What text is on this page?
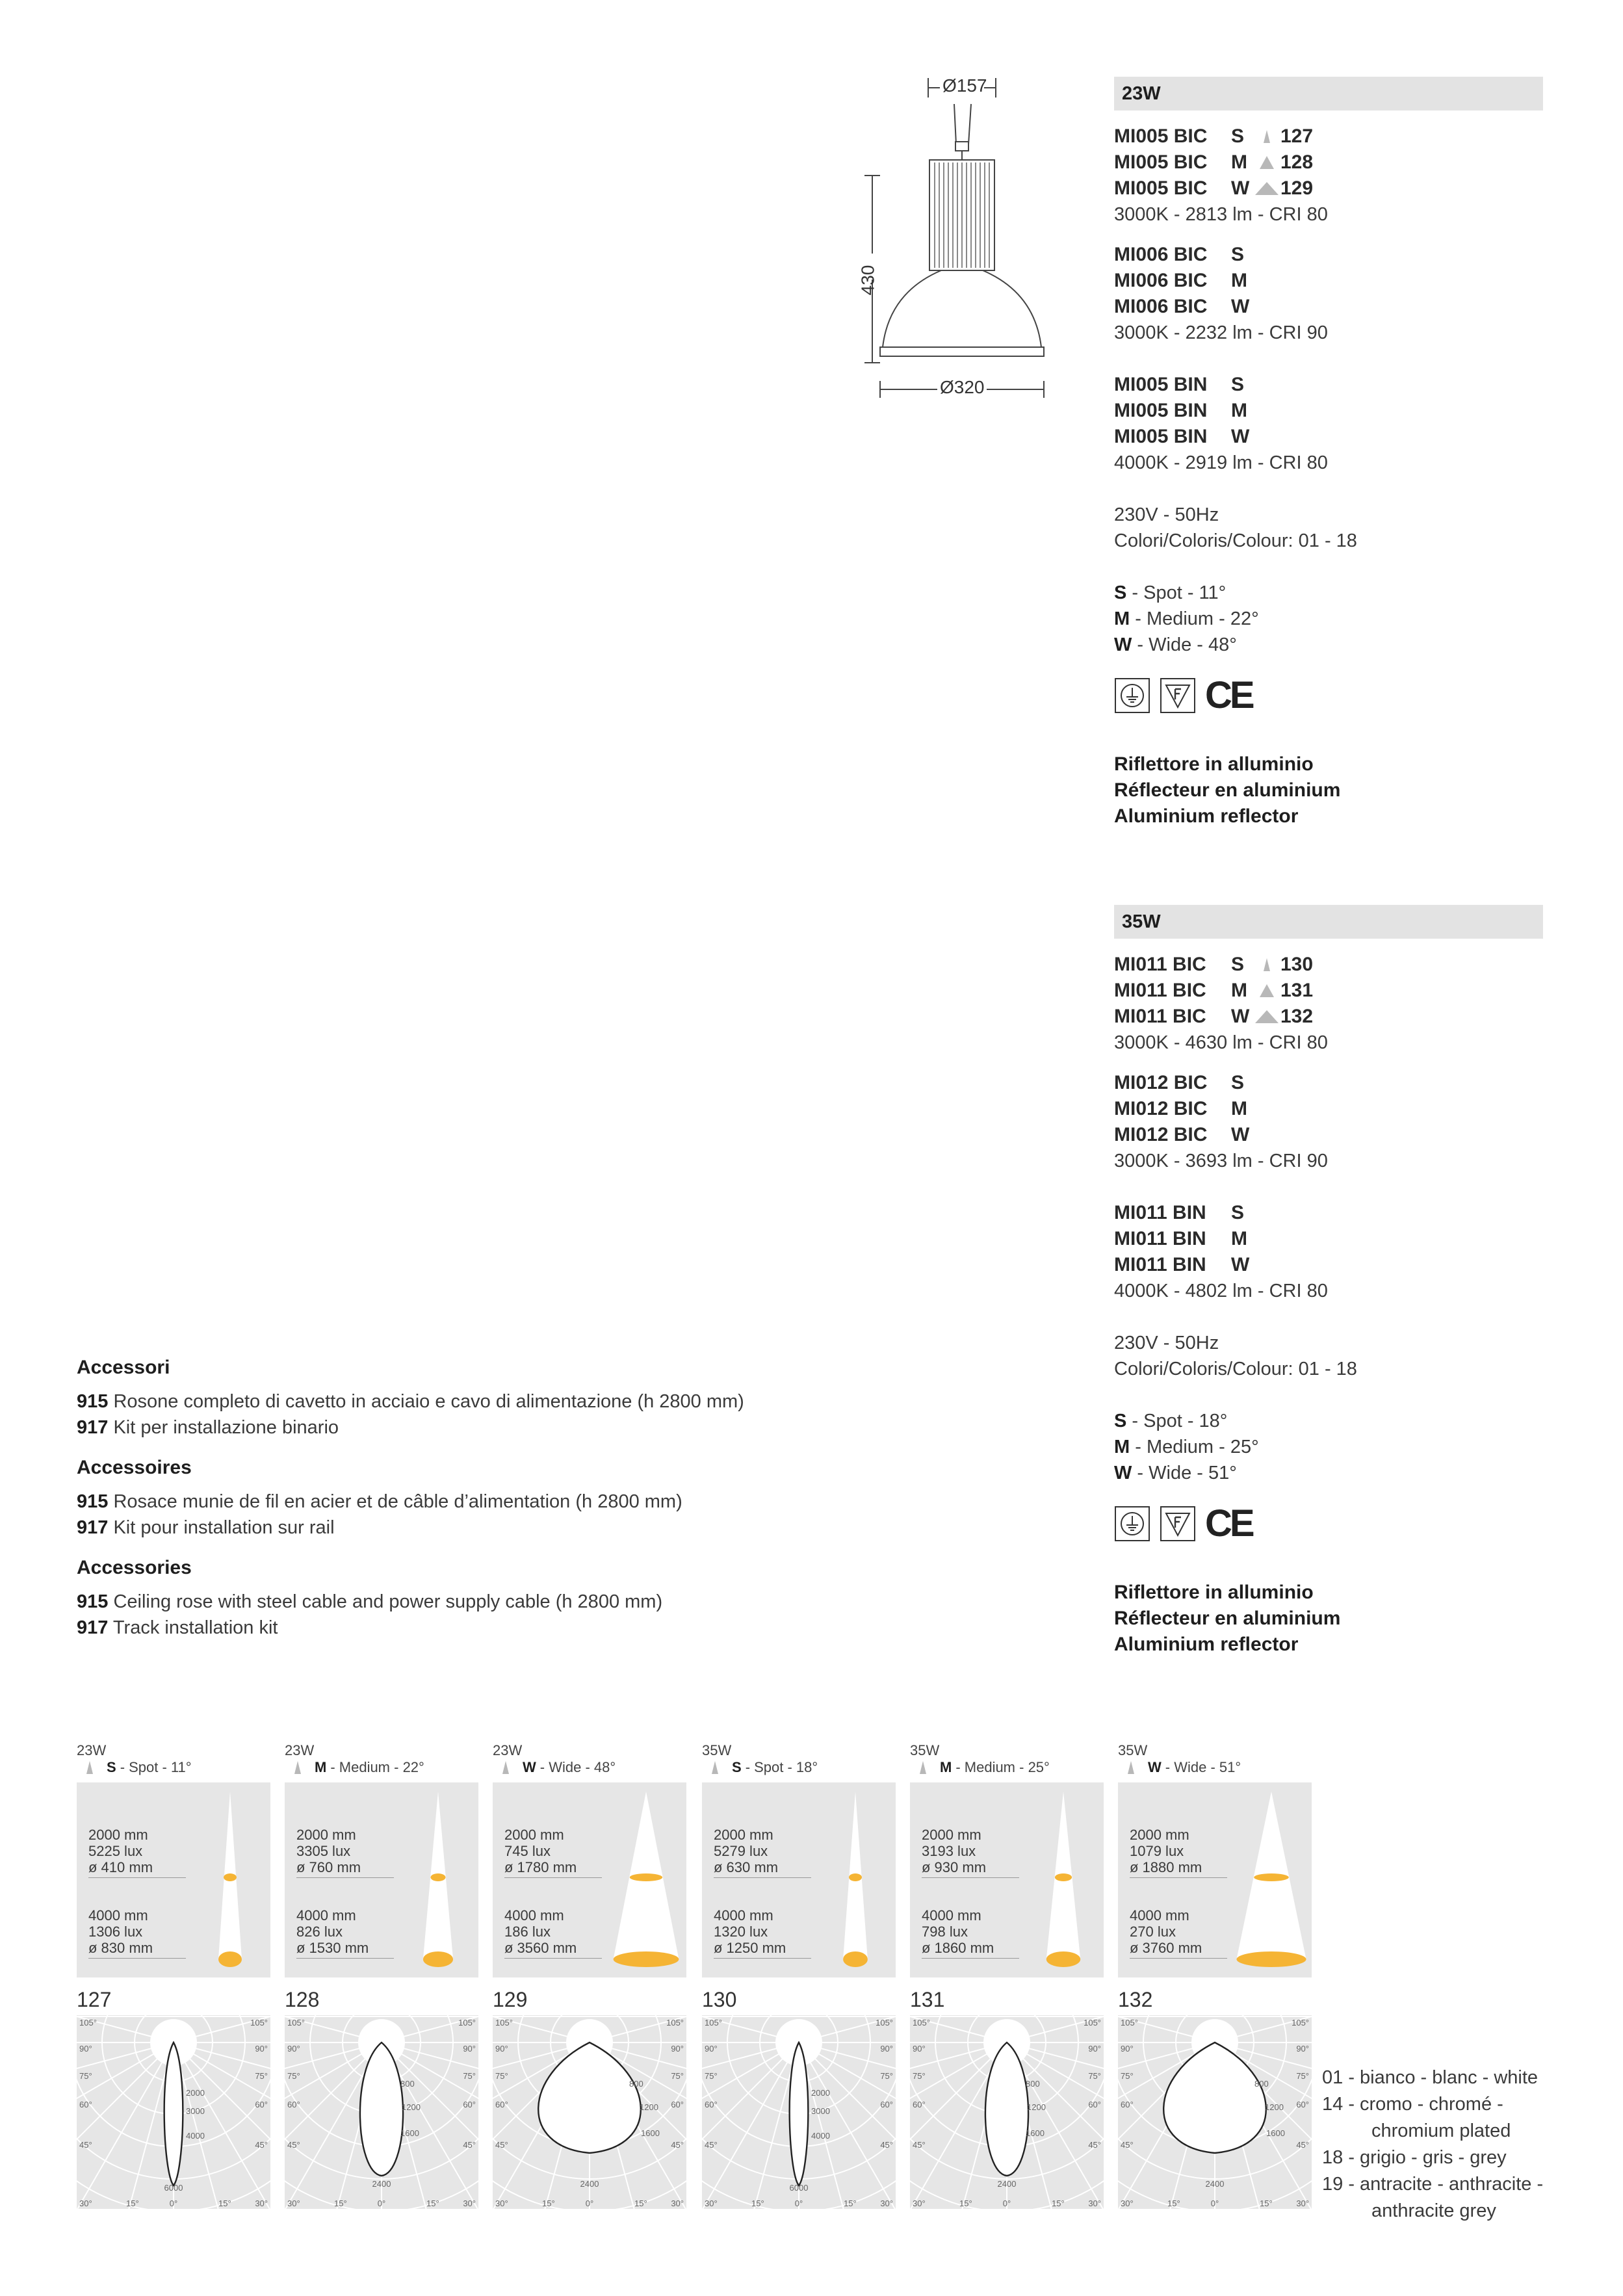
Ø157
430
Ø320
23W
MI005 BIC	S	127
MI005 BIC	M	128
MI005 BIC	W 129
3000K - 2813 lm - CRI 80
MI006 BIC	S
MI006 BIC	M
MI006 BIC	W
3000K - 2232 lm - CRI 90
MI005 BIN	S
MI005 BIN	M
MI005 BIN	W
4000K - 2919 lm - CRI 80
230V - 50Hz
Colori/Coloris/Colour: 01 - 18
S - Spot - 11°
M - Medium - 22°
W - Wide - 48°
CE
Riflettore in alluminio
Réflecteur en aluminium
Aluminium reflector
35W
MI011 BIC	S	130
MI011 BIC	M	131
MI011 BIC	W 132
3000K - 4630 lm - CRI 80
MI012 BIC	S
MI012 BIC	M
MI012 BIC	W
3000K - 3693 lm - CRI 90
MI011 BIN	S
MI011 BIN	M
MI011 BIN	W
4000K - 4802 lm - CRI 80
230V - 50Hz
Colori/Coloris/Colour: 01 - 18
S - Spot - 18°
M - Medium - 25°
W - Wide - 51°
CE
Riflettore in alluminio
Réflecteur en aluminium
Aluminium reflector
Accessori
915 Rosone completo di cavetto in acciaio e cavo di alimentazione (h 2800 mm)
917 Kit per installazione binario
Accessoires
915 Rosace munie de fil en acier et de câble d’alimentation (h 2800 mm)
917 Kit pour installation sur rail
Accessories
915 Ceiling rose with steel cable and power supply cable (h 2800 mm)
917 Track installation kit
23W
S - Spot - 11°
2000 mm
5225 lux
ø 410 mm
4000 mm
1306 lux
ø 830 mm
127
105°	105°
90°	90°
75°	75°
60°	60°
45°	45°
30°	15°	0°	15°	30°
2000
3000
4000
6000
23W
M - Medium - 22°
2000 mm
3305 lux
ø 760 mm
4000 mm
826 lux
ø 1530 mm
128
105°	105°
90°	90°
75°	75°
60°	60°
45°	45°
30°	15°	0°	15°	30°
800
1200
1600
2400
23W
W - Wide - 48°
2000 mm
745 lux
ø 1780 mm
4000 mm
186 lux
ø 3560 mm
129
105°	105°
90°	90°
75°	75°
60°	60°
45°	45°
30°	15°	0°	15°	30°
800
1200
1600
2400
35W
S - Spot - 18°
2000 mm
5279 lux
ø 630 mm
4000 mm
1320 lux
ø 1250 mm
130
105°	105°
90°	90°
75°	75°
60°	60°
45°	45°
30°	15°	0°	15°	30°
2000
3000
4000
6000
35W
M - Medium - 25°
2000 mm
3193 lux
ø 930 mm
4000 mm
798 lux
ø 1860 mm
131
105°	105°
90°	90°
75°	75°
60°	60°
45°	45°
30°	15°	0°	15°	30°
800
1200
1600
2400
35W
W - Wide - 51°
2000 mm
1079 lux
ø 1880 mm
4000 mm
270 lux
ø 3760 mm
132
105°	105°
90°	90°
75°	75°
60°	60°
45°	45°
30°	15°	0°	15°	30°
800
1200
1600
2400
01 - bianco - blanc - white
14 - cromo - chromé -
chromium plated
18 - grigio - gris - grey
19 - antracite - anthracite -
anthracite grey
